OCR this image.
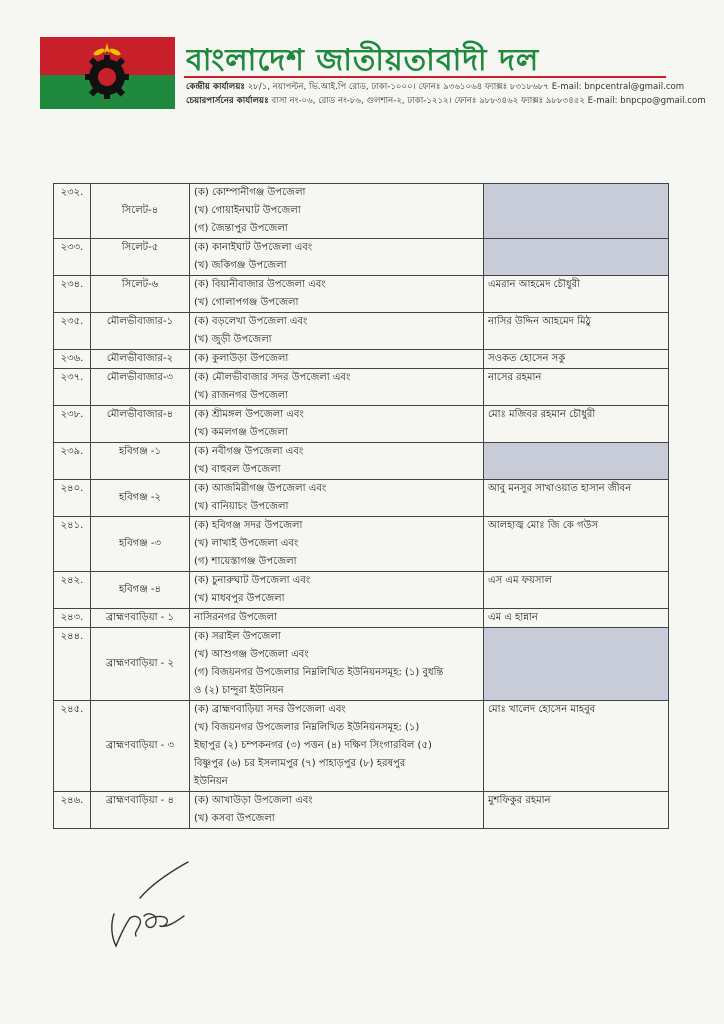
বাংলাদেশ জাতীয়তাবাদী দল
কেন্দ্রীয় কার্যালয়ঃ ২৮/১, নয়াপল্টন, ভি.আই.পি রোড, ঢাকা-১০০০। ফোনঃ ৯৩৬১০৬৪ ফ্যাক্সঃ ৮৩১৮৬৮৭ E-mail: bnpcentral@gmail.com
চেয়ারপার্সনের কার্যালয়ঃ বাসা নং-০৬, রোড নং-৮৬, গুলশান-২, ঢাকা-১২১২। ফোনঃ ৯৮৮৩৪৬২ ফ্যাক্সঃ ৯৮৮৩৪৫২ E-mail: bnpcpo@gmail.com
২৩২.	সিলেট-৪	(ক) কোম্পানীগঞ্জ উপজেলা
(খ) গোয়াইনঘাট উপজেলা
(গ) জৈন্তাপুর উপজেলা	

২৩৩.	সিলেট-৫	(ক) কানাইঘাট উপজেলা এবং
(খ) জকিগঞ্জ উপজেলা	

২৩৪.	সিলেট-৬	(ক) বিয়ানীবাজার উপজেলা এবং
(খ) গোলাপগঞ্জ উপজেলা	এমরান আহমেদ চৌধুরী
২৩৫.	মৌলভীবাজার-১	(ক) বড়লেখা উপজেলা এবং
(খ) জুড়ী উপজেলা	নাসির উদ্দিন আহমেদ মিঠু
২৩৬.	মৌলভীবাজার-২	(ক) কুলাউড়া উপজেলা	সওকত হোসেন সকু
২৩৭.	মৌলভীবাজার-৩	(ক) মৌলভীবাজার সদর উপজেলা এবং
(খ) রাজনগর উপজেলা	নাসের রহমান
২৩৮.	মৌলভীবাজার-৪	(ক) শ্রীমঙ্গল উপজেলা এবং
(খ) কমলগঞ্জ উপজেলা	মোঃ মজিবর রহমান চৌধুরী
২৩৯.	হবিগঞ্জ -১	(ক) নবীগঞ্জ উপজেলা এবং
(খ) বাহুবল উপজেলা	

২৪০.	হবিগঞ্জ -২	(ক) আজমিরীগঞ্জ উপজেলা এবং
(খ) বানিয়াচং উপজেলা	আবু মনসুর সাখাওয়াত হাসান জীবন
২৪১.	হবিগঞ্জ -৩	(ক) হবিগঞ্জ সদর উপজেলা
(খ) লাখাই উপজেলা এবং
(গ) শায়েস্তাগঞ্জ উপজেলা	আলহাজ্ব মোঃ জি কে গউস
২৪২.	হবিগঞ্জ -৪	(ক) চুনারুঘাট উপজেলা এবং
(খ) মাধবপুর উপজেলা	এস এম ফয়সাল
২৪৩.	ব্রাহ্মণবাড়িয়া - ১	নাসিরনগর উপজেলা	এম এ হান্নান
২৪৪.	ব্রাহ্মণবাড়িয়া - ২	(ক) সরাইল উপজেলা
(খ) আশুগঞ্জ উপজেলা এবং
(গ) বিজয়নগর উপজেলার নিম্নলিখিত ইউনিয়নসমূহ: (১) বুধন্তি
ও (২) চান্দুরা ইউনিয়ন	

২৪৫.	ব্রাহ্মণবাড়িয়া - ৩	(ক) ব্রাহ্মণবাড়িয়া সদর উপজেলা এবং
(খ) বিজয়নগর উপজেলার নিম্নলিখিত ইউনিয়নসমূহ: (১)
ইছাপুর (২) চম্পকনগর (৩) পত্তন (৪) দক্ষিণ সিংগারবিল (৫)
বিষ্ণুপুর (৬) চর ইসলামপুর (৭) পাহাড়পুর (৮) হরষপুর
ইউনিয়ন	মোঃ খালেদ হোসেন মাহবুব
২৪৬.	ব্রাহ্মণবাড়িয়া - ৪	(ক) আখাউড়া উপজেলা এবং
(খ) কসবা উপজেলা	মুশফিকুর রহমান
